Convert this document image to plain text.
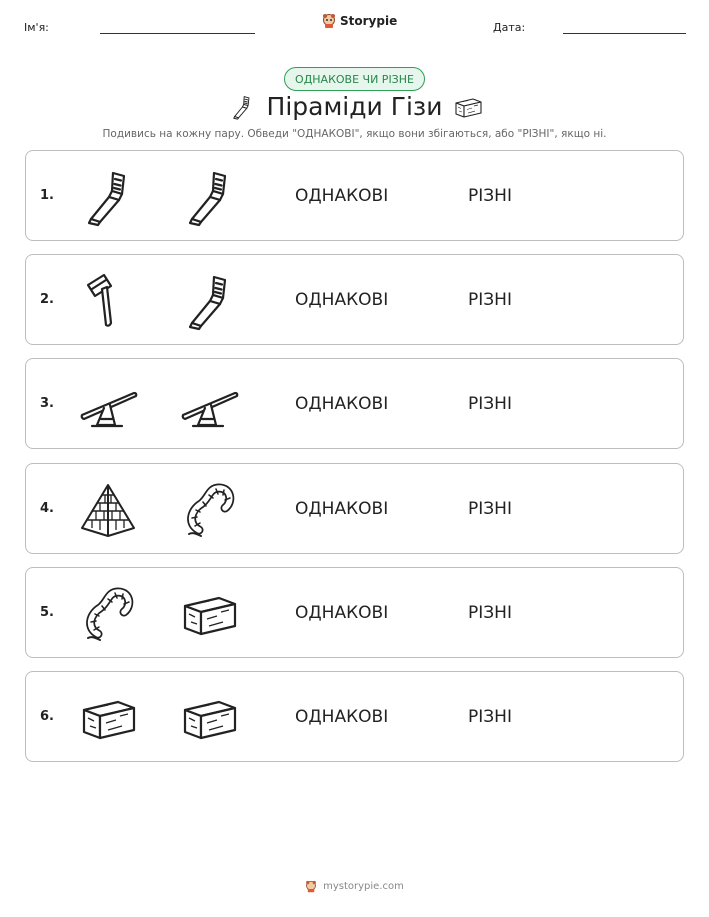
Ім'я:	Storypie	Дата:
ОДНАКОВЕ ЧИ РІЗНЕ
Піраміди Гізи
Подивись на кожну пару. Обведи "ОДНАКОВІ", якщо вони збігаються, або "РІЗНІ", якщо ні.
1.	ОДНАКОВІ	РІЗНІ
2.	ОДНАКОВІ	РІЗНІ
3.	ОДНАКОВІ	РІЗНІ
4.	ОДНАКОВІ	РІЗНІ
5.	ОДНАКОВІ	РІЗНІ
6.	ОДНАКОВІ	РІЗНІ
mystorypie.com
